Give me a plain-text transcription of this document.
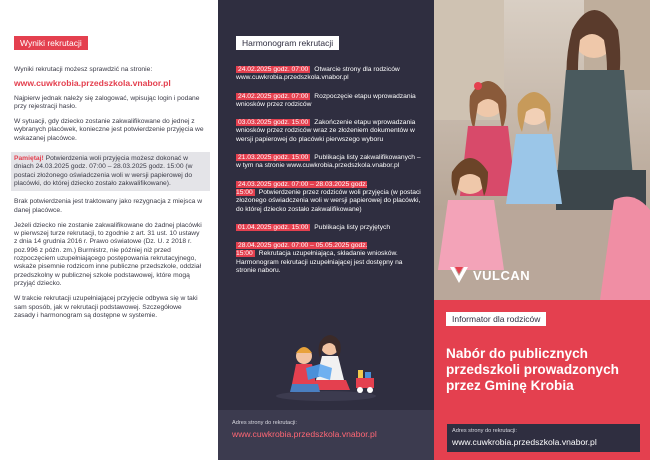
Wyniki rekrutacji

Wyniki rekrutacji możesz sprawdzić na stronie:

www.cuwkrobia.przedszkola.vnabor.pl

Najpierw jednak należy się zalogować, wpisując login i podane przy rejestracji hasło.

W sytuacji, gdy dziecko zostanie zakwalifikowane do jednej z wybranych placówek, konieczne jest potwierdzenie przyjęcia we wskazanej placówce.

Pamiętaj! Potwierdzenia woli przyjęcia możesz dokonać w dniach 24.03.2025 godz. 07:00 – 28.03.2025 godz. 15:00 (w postaci złożonego oświadczenia woli w wersji papierowej do placówki, do której dziecko zostało zakwalifikowane).

Brak potwierdzenia jest traktowany jako rezygnacja z miejsca w danej placówce.

Jeżeli dziecko nie zostanie zakwalifikowane do żadnej placówki w pierwszej turze rekrutacji, to zgodnie z art. 31 ust. 10 ustawy z dnia 14 grudnia 2016 r. Prawo oświatowe (Dz. U. z 2018 r. poz.996 z późn. zm.) Burmistrz, nie później niż przed rozpoczęciem uzupełniającego postępowania rekrutacyjnego, wskaże pisemnie rodzicom inne publiczne przedszkole, oddział przedszkolny w publicznej szkole podstawowej, które mogą przyjąć dziecko.

W trakcie rekrutacji uzupełniającej przyjęcie odbywa się w taki sam sposób, jak w rekrutacji podstawowej. Szczegółowe zasady i harmonogram są dostępne w systemie.

Harmonogram rekrutacji
24.02.2025 godz. 07:00 Otwarcie strony dla rodziców www.cuwkrobia.przedszkola.vnabor.pl
24.02.2025 godz. 07:00 Rozpoczęcie etapu wprowadzania wniosków przez rodziców
03.03.2025 godz. 15:00 Zakończenie etapu wprowadzania wniosków przez rodziców wraz ze złożeniem dokumentów w wersji papierowej do placówki pierwszego wyboru
21.03.2025 godz. 15:00 Publikacja listy zakwalifikowanych – w tym na stronie www.cuwkrobia.przedszkola.vnabor.pl
24.03.2025 godz. 07:00 – 28.03.2025 godz. 15:00 Potwierdzenie przez rodziców woli przyjęcia (w postaci złożonego oświadczenia woli w wersji papierowej do placówki, do której dziecko zostało zakwalifikowane)
01.04.2025 godz. 15:00 Publikacja listy przyjętych
28.04.2025 godz. 07:00 – 05.05.2025 godz. 15:00 Rekrutacja uzupełniająca, składanie wniosków. Harmonogram rekrutacji uzupełniającej jest dostępny na stronie naboru.
Adres strony do rekrutacji:
www.cuwkrobia.przedszkola.vnabor.pl
VULCAN
Informator dla rodziców
Nabór do publicznych przedszkoli prowadzonych przez Gminę Krobia
Adres strony do rekrutacji:
www.cuwkrobia.przedszkola.vnabor.pl
